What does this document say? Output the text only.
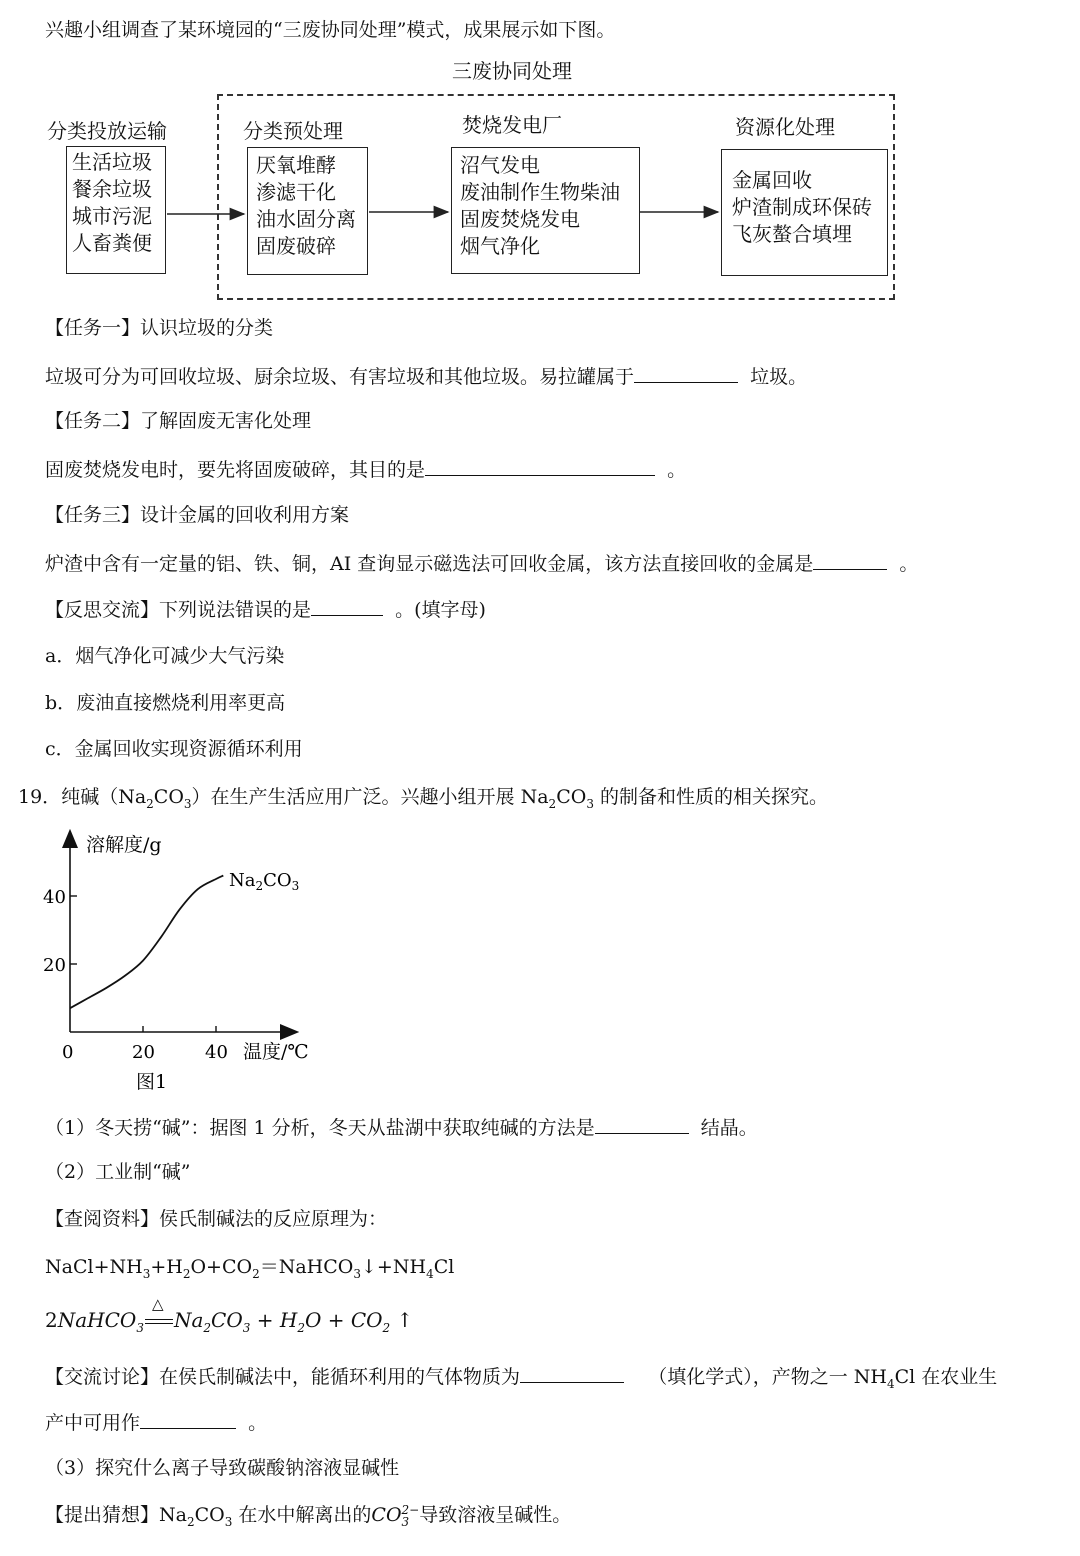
兴趣小组调查了某环境园的“三废协同处理”模式，成果展示如下图。
三废协同处理
分类投放运输
生活垃圾
餐余垃圾
城市污泥
人畜粪便
分类预处理
厌氧堆酵
渗滤干化
油水固分离
固废破碎
焚烧发电厂
沼气发电
废油制作生物柴油
固废焚烧发电
烟气净化
资源化处理
金属回收
炉渣制成环保砖
飞灰螯合填埋
【任务一】认识垃圾的分类
垃圾可分为可回收垃圾、厨余垃圾、有害垃圾和其他垃圾。易拉罐属于	垃圾。
【任务二】了解固废无害化处理
固废焚烧发电时，要先将固废破碎，其目的是	。
【任务三】设计金属的回收利用方案
炉渣中含有一定量的铝、铁、铜，AI 查询显示磁选法可回收金属，该方法直接回收的金属是	。
【反思交流】下列说法错误的是	。(填字母)
a．烟气净化可减少大气污染
b．废油直接燃烧利用率更高
c．金属回收实现资源循环利用
19．纯碱$(Na_2CO_3)$在生产生活应用广泛。兴趣小组开展 $Na_2CO_3$ 的制备和性质的相关探究。
溶解度/g
温度/℃
图1
$Na_2CO_3$
0	20	40
20
40
（1）冬天捞“碱”：据图 1 分析，冬天从盐湖中获取纯碱的方法是	结晶。
（2）工业制“碱”
【查阅资料】侯氏制碱法的反应原理为：
$NaCl+NH_3+H_2O+CO_2=NaHCO_3↓+NH_4Cl$
2NaHCO$_3$
△
$Na_2CO_3 + H_2O + CO_2$ ↑
【交流讨论】在侯氏制碱法中，能循环利用的气体物质为	（填化学式），产物之一 $NH_4Cl$ 在农业生
产中可用作	。
（3）探究什么离子导致碳酸钠溶液显碱性
【提出猜想】$Na_2CO_3$ 在水中解离出的CO 2−
3 导致溶液呈碱性。
